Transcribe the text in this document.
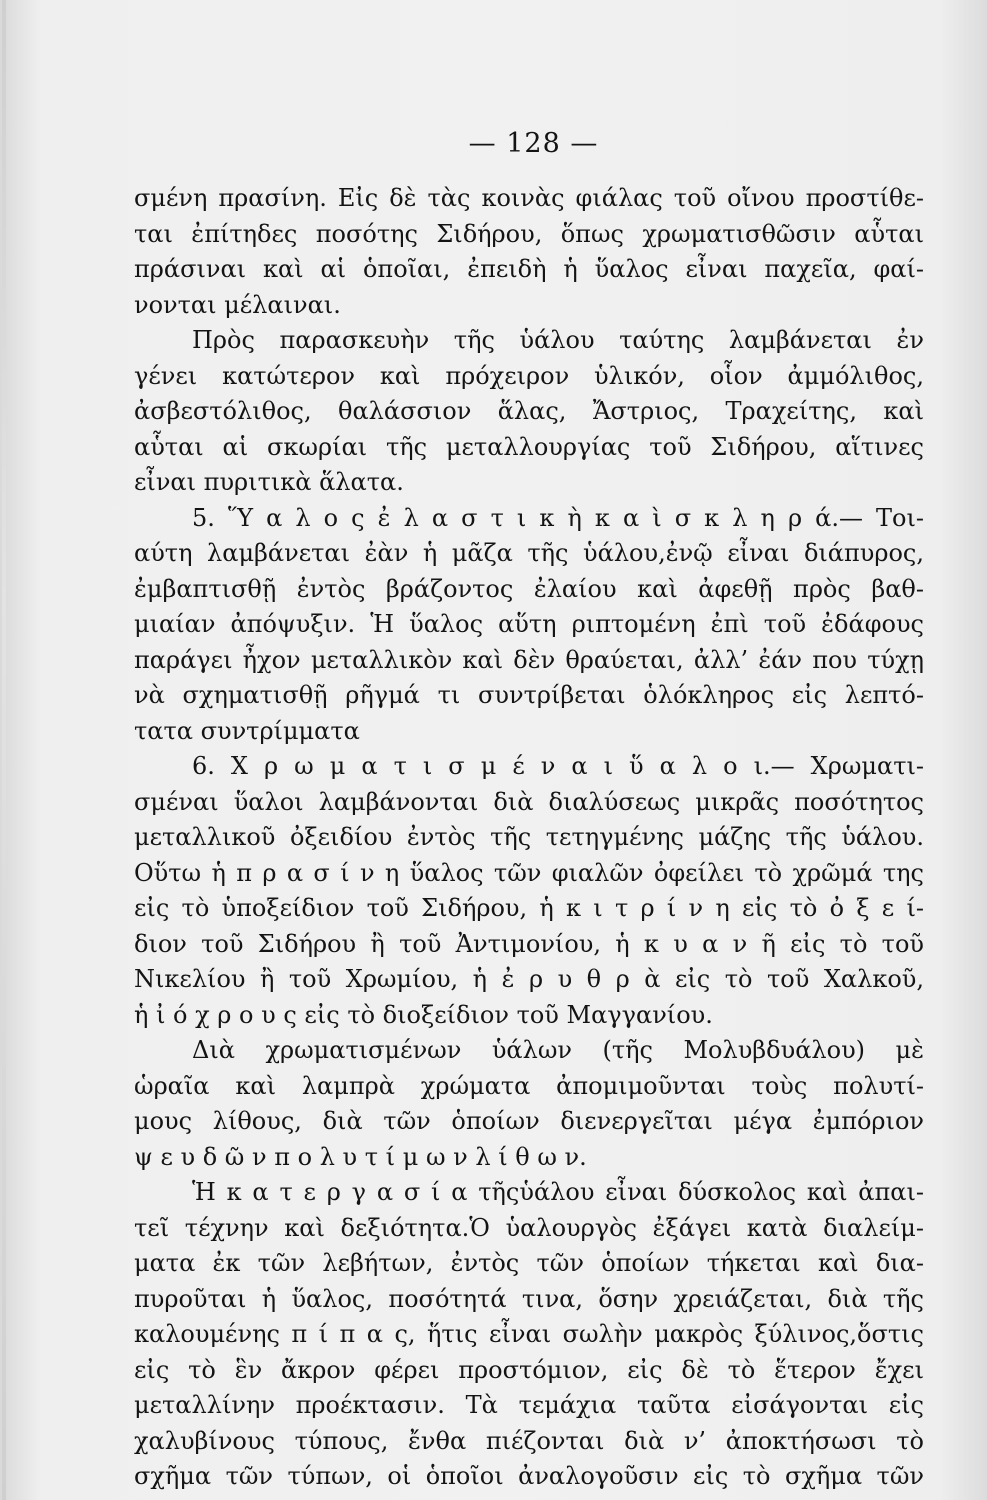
— 128 —
σμένη πρασίνη. Εἰς δὲ τὰς κοινὰς φιάλας τοῦ οἴνου προστίθε-
ται ἐπίτηδες ποσότης Σιδήρου, ὅπως χρωματισθῶσιν αὗται
πράσιναι καὶ αἱ ὁποῖαι, ἐπειδὴ ἡ ὕαλος εἶναι παχεῖα, φαί-
νονται μέλαιναι.
Πρὸς παρασκευὴν τῆς ὑάλου ταύτης λαμβάνεται ἐν
γένει κατώτερον καὶ πρόχειρον ὑλικόν, οἷον ἀμμόλιθος,
ἀσβεστόλιθος, θαλάσσιον ἅλας, Ἄστριος, Τραχείτης, καὶ
αὗται αἱ σκωρίαι τῆς μεταλλουργίας τοῦ Σιδήρου, αἵτινες
εἶναι πυριτικὰ ἅλατα.
5. Ὕ α λ ο ς ἐ λ α σ τ ι κ ὴ κ α ὶ σ κ λ η ρ ά.— Τοι-
αύτη λαμβάνεται ἐὰν ἡ μᾶζα τῆς ὑάλου,ἐνῷ εἶναι διάπυρος,
ἐμβαπτισθῇ ἐντὸς βράζοντος ἐλαίου καὶ ἀφεθῇ πρὸς βαθ-
μιαίαν ἀπόψυξιν. Ἡ ὕαλος αὕτη ριπτομένη ἐπὶ τοῦ ἐδάφους
παράγει ἦχον μεταλλικὸν καὶ δὲν θραύεται, ἀλλ’ ἐάν που τύχῃ
νὰ σχηματισθῇ ρῆγμά τι συντρίβεται ὁλόκληρος εἰς λεπτό-
τατα συντρίμματα
6. Χ ρ ω μ α τ ι σ μ έ ν α ι ὕ α λ ο ι.— Χρωματι-
σμέναι ὕαλοι λαμβάνονται διὰ διαλύσεως μικρᾶς ποσότητος
μεταλλικοῦ ὀξειδίου ἐντὸς τῆς τετηγμένης μάζης τῆς ὑάλου.
Οὕτω ἡ π ρ α σ ί ν η ὕαλος τῶν φιαλῶν ὀφείλει τὸ χρῶμά της
εἰς τὸ ὑποξείδιον τοῦ Σιδήρου, ἡ κ ι τ ρ ί ν η εἰς τὸ ὀ ξ ε ί-
διον τοῦ Σιδήρου ἢ τοῦ Ἀντιμονίου, ἡ κ υ α ν ῆ εἰς τὸ τοῦ
Νικελίου ἢ τοῦ Χρωμίου, ἡ ἐ ρ υ θ ρ ὰ εἰς τὸ τοῦ Χαλκοῦ,
ἡ ἰ ό χ ρ ο υ ς εἰς τὸ διοξείδιον τοῦ Μαγγανίου.
Διὰ χρωματισμένων ὑάλων (τῆς Μολυβδυάλου) μὲ
ὡραῖα καὶ λαμπρὰ χρώματα ἀπομιμοῦνται τοὺς πολυτί-
μους λίθους, διὰ τῶν ὁποίων διενεργεῖται μέγα ἐμπόριον
ψ ε υ δ ῶ ν π ο λ υ τ ί μ ω ν λ ί θ ω ν.
Ἡ κ α τ ε ρ γ α σ ί α τῆςὑάλου εἶναι δύσκολος καὶ ἀπαι-
τεῖ τέχνην καὶ δεξιότητα.Ὁ ὑαλουργὸς ἐξάγει κατὰ διαλείμ-
ματα ἐκ τῶν λεβήτων, ἐντὸς τῶν ὁποίων τήκεται καὶ δια-
πυροῦται ἡ ὕαλος, ποσότητά τινα, ὅσην χρειάζεται, διὰ τῆς
καλουμένης π ί π α ς, ἥτις εἶναι σωλὴν μακρὸς ξύλινος,ὅστις
εἰς τὸ ἓν ἄκρον φέρει προστόμιον, εἰς δὲ τὸ ἕτερον ἔχει
μεταλλίνην προέκτασιν. Τὰ τεμάχια ταῦτα εἰσάγονται εἰς
χαλυβίνους τύπους, ἔνθα πιέζονται διὰ ν’ ἀποκτήσωσι τὸ
σχῆμα τῶν τύπων, οἱ ὁποῖοι ἀναλογοῦσιν εἰς τὸ σχῆμα τῶν
